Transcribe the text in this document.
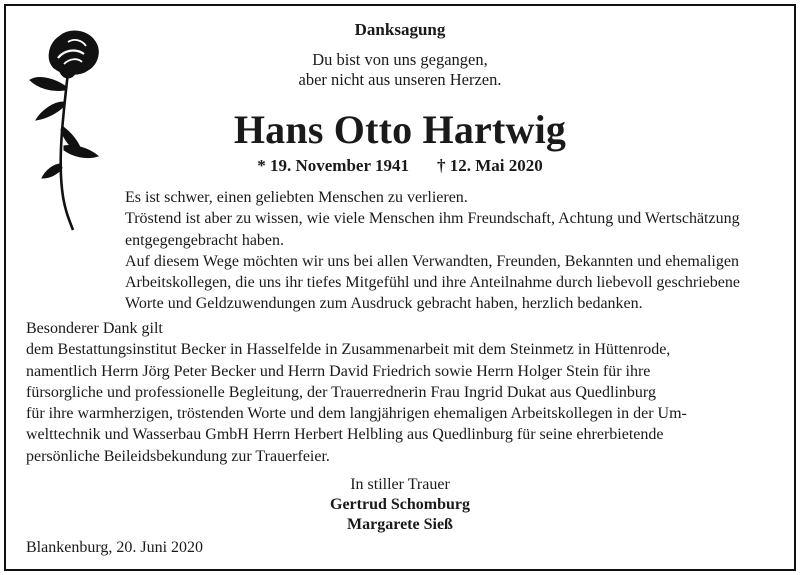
Danksagung
Du bist von uns gegangen,
aber nicht aus unseren Herzen.
Hans Otto Hartwig
* 19. November 1941 † 12. Mai 2020
Es ist schwer, einen geliebten Menschen zu verlieren.
Tröstend ist aber zu wissen, wie viele Menschen ihm Freundschaft, Achtung und Wertschätzung
entgegengebracht haben.
Auf diesem Wege möchten wir uns bei allen Verwandten, Freunden, Bekannten und ehemaligen
Arbeitskollegen, die uns ihr tiefes Mitgefühl und ihre Anteilnahme durch liebevoll geschriebene
Worte und Geldzuwendungen zum Ausdruck gebracht haben, herzlich bedanken.
Besonderer Dank gilt
dem Bestattungsinstitut Becker in Hasselfelde in Zusammenarbeit mit dem Steinmetz in Hüttenrode,
namentlich Herrn Jörg Peter Becker und Herrn David Friedrich sowie Herrn Holger Stein für ihre
fürsorgliche und professionelle Begleitung, der Trauerrednerin Frau Ingrid Dukat aus Quedlinburg
für ihre warmherzigen, tröstenden Worte und dem langjährigen ehemaligen Arbeitskollegen in der Um-
welttechnik und Wasserbau GmbH Herrn Herbert Helbling aus Quedlinburg für seine ehrerbietende
persönliche Beileidsbekundung zur Trauerfeier.
In stiller Trauer
Gertrud Schomburg
Margarete Sieß
Blankenburg, 20. Juni 2020
